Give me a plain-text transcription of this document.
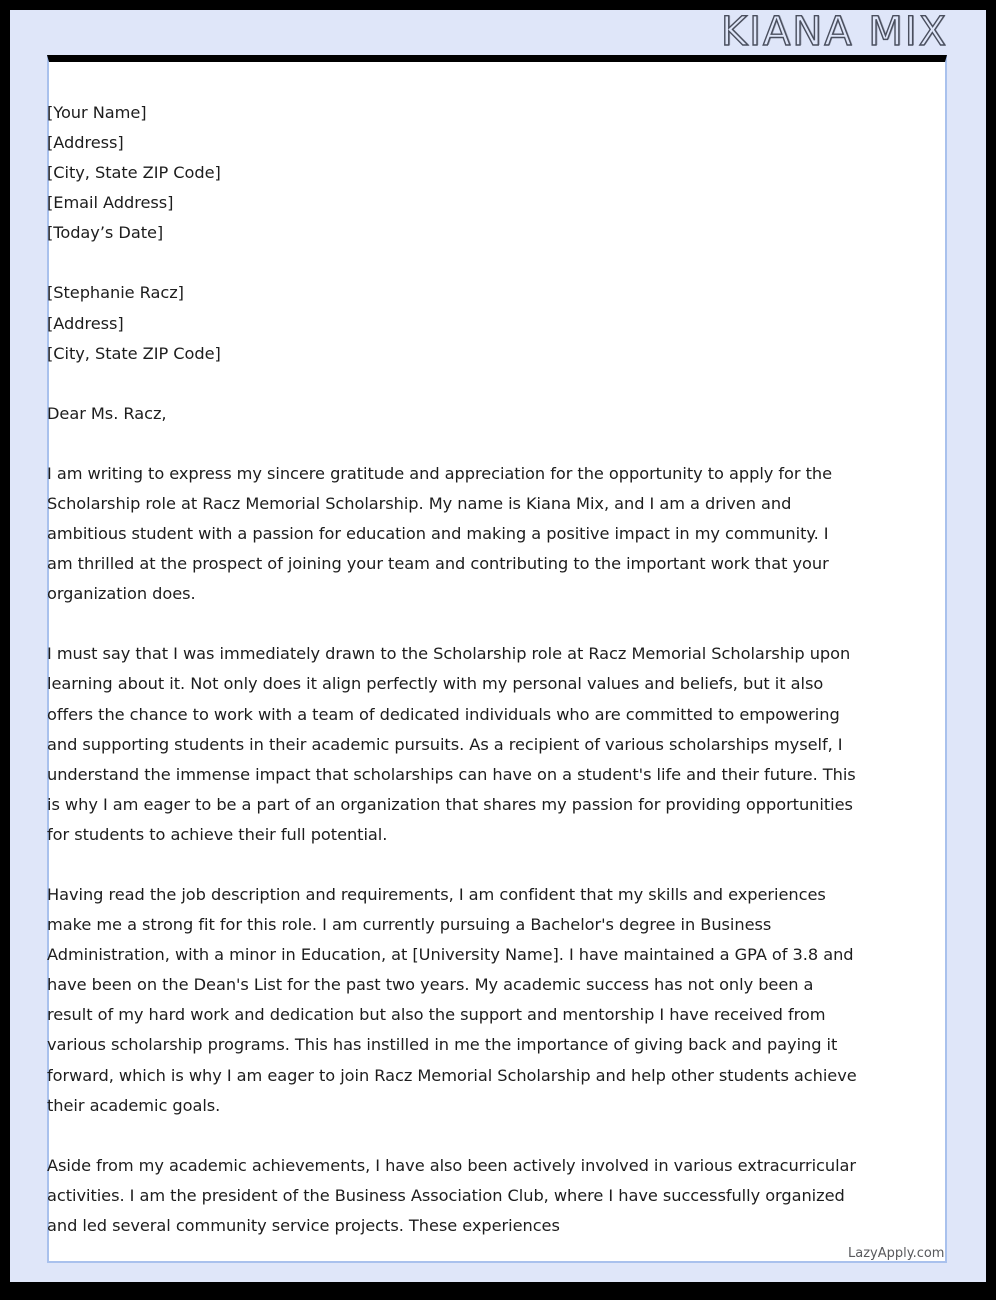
KIANA MIX
[Your Name]
[Address]
[City, State ZIP Code]
[Email Address]
[Today’s Date]
[Stephanie Racz]
[Address]
[City, State ZIP Code]
Dear Ms. Racz,

I am writing to express my sincere gratitude and appreciation for the opportunity to apply for the Scholarship role at Racz Memorial Scholarship. My name is Kiana Mix, and I am a driven and ambitious student with a passion for education and making a positive impact in my community. I am thrilled at the prospect of joining your team and contributing to the important work that your organization does.

I must say that I was immediately drawn to the Scholarship role at Racz Memorial Scholarship upon learning about it. Not only does it align perfectly with my personal values and beliefs, but it also offers the chance to work with a team of dedicated individuals who are committed to empowering and supporting students in their academic pursuits. As a recipient of various scholarships myself, I understand the immense impact that scholarships can have on a student's life and their future. This is why I am eager to be a part of an organization that shares my passion for providing opportunities for students to achieve their full potential.

Having read the job description and requirements, I am confident that my skills and experiences make me a strong fit for this role. I am currently pursuing a Bachelor's degree in Business Administration, with a minor in Education, at [University Name]. I have maintained a GPA of 3.8 and have been on the Dean's List for the past two years. My academic success has not only been a result of my hard work and dedication but also the support and mentorship I have received from various scholarship programs. This has instilled in me the importance of giving back and paying it forward, which is why I am eager to join Racz Memorial Scholarship and help other students achieve their academic goals.

Aside from my academic achievements, I have also been actively involved in various extracurricular activities. I am the president of the Business Association Club, where I have successfully organized and led several community service projects. These experiences

LazyApply.com
